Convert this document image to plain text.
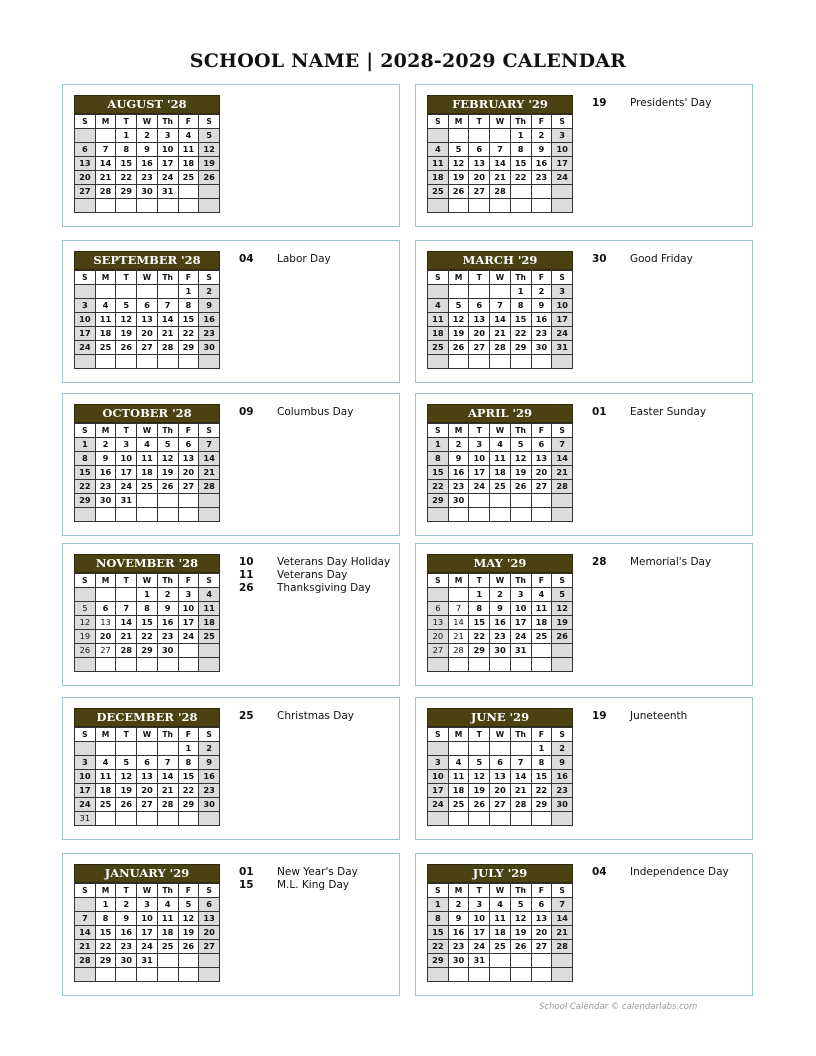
SCHOOL NAME | 2028-2029 CALENDAR
AUGUST '28
S	M	T	W	Th	F	S
		1	2	3	4	5
6	7	8	9	10	11	12
13	14	15	16	17	18	19
20	21	22	23	24	25	26
27	28	29	30	31		

SEPTEMBER '28
S	M	T	W	Th	F	S
					1	2
3	4	5	6	7	8	9
10	11	12	13	14	15	16
17	18	19	20	21	22	23
24	25	26	27	28	29	30

04 Labor Day
OCTOBER '28
S	M	T	W	Th	F	S
1	2	3	4	5	6	7
8	9	10	11	12	13	14
15	16	17	18	19	20	21
22	23	24	25	26	27	28
29	30	31				

09 Columbus Day
NOVEMBER '28
S	M	T	W	Th	F	S
			1	2	3	4
5	6	7	8	9	10	11
12	13	14	15	16	17	18
19	20	21	22	23	24	25
26	27	28	29	30		

10 Veterans Day Holiday
11 Veterans Day
26 Thanksgiving Day
DECEMBER '28
S	M	T	W	Th	F	S
					1	2
3	4	5	6	7	8	9
10	11	12	13	14	15	16
17	18	19	20	21	22	23
24	25	26	27	28	29	30
31						
25 Christmas Day
JANUARY '29
S	M	T	W	Th	F	S
	1	2	3	4	5	6
7	8	9	10	11	12	13
14	15	16	17	18	19	20
21	22	23	24	25	26	27
28	29	30	31			

01 New Year's Day
15 M.L. King Day
FEBRUARY '29
S	M	T	W	Th	F	S
				1	2	3
4	5	6	7	8	9	10
11	12	13	14	15	16	17
18	19	20	21	22	23	24
25	26	27	28			

19 Presidents' Day
MARCH '29
S	M	T	W	Th	F	S
				1	2	3
4	5	6	7	8	9	10
11	12	13	14	15	16	17
18	19	20	21	22	23	24
25	26	27	28	29	30	31

30 Good Friday
APRIL '29
S	M	T	W	Th	F	S
1	2	3	4	5	6	7
8	9	10	11	12	13	14
15	16	17	18	19	20	21
22	23	24	25	26	27	28
29	30					

01 Easter Sunday
MAY '29
S	M	T	W	Th	F	S
		1	2	3	4	5
6	7	8	9	10	11	12
13	14	15	16	17	18	19
20	21	22	23	24	25	26
27	28	29	30	31		

28 Memorial's Day
JUNE '29
S	M	T	W	Th	F	S
					1	2
3	4	5	6	7	8	9
10	11	12	13	14	15	16
17	18	19	20	21	22	23
24	25	26	27	28	29	30

19 Juneteenth
JULY '29
S	M	T	W	Th	F	S
1	2	3	4	5	6	7
8	9	10	11	12	13	14
15	16	17	18	19	20	21
22	23	24	25	26	27	28
29	30	31				

04 Independence Day
School Calendar © calendarlabs.com
